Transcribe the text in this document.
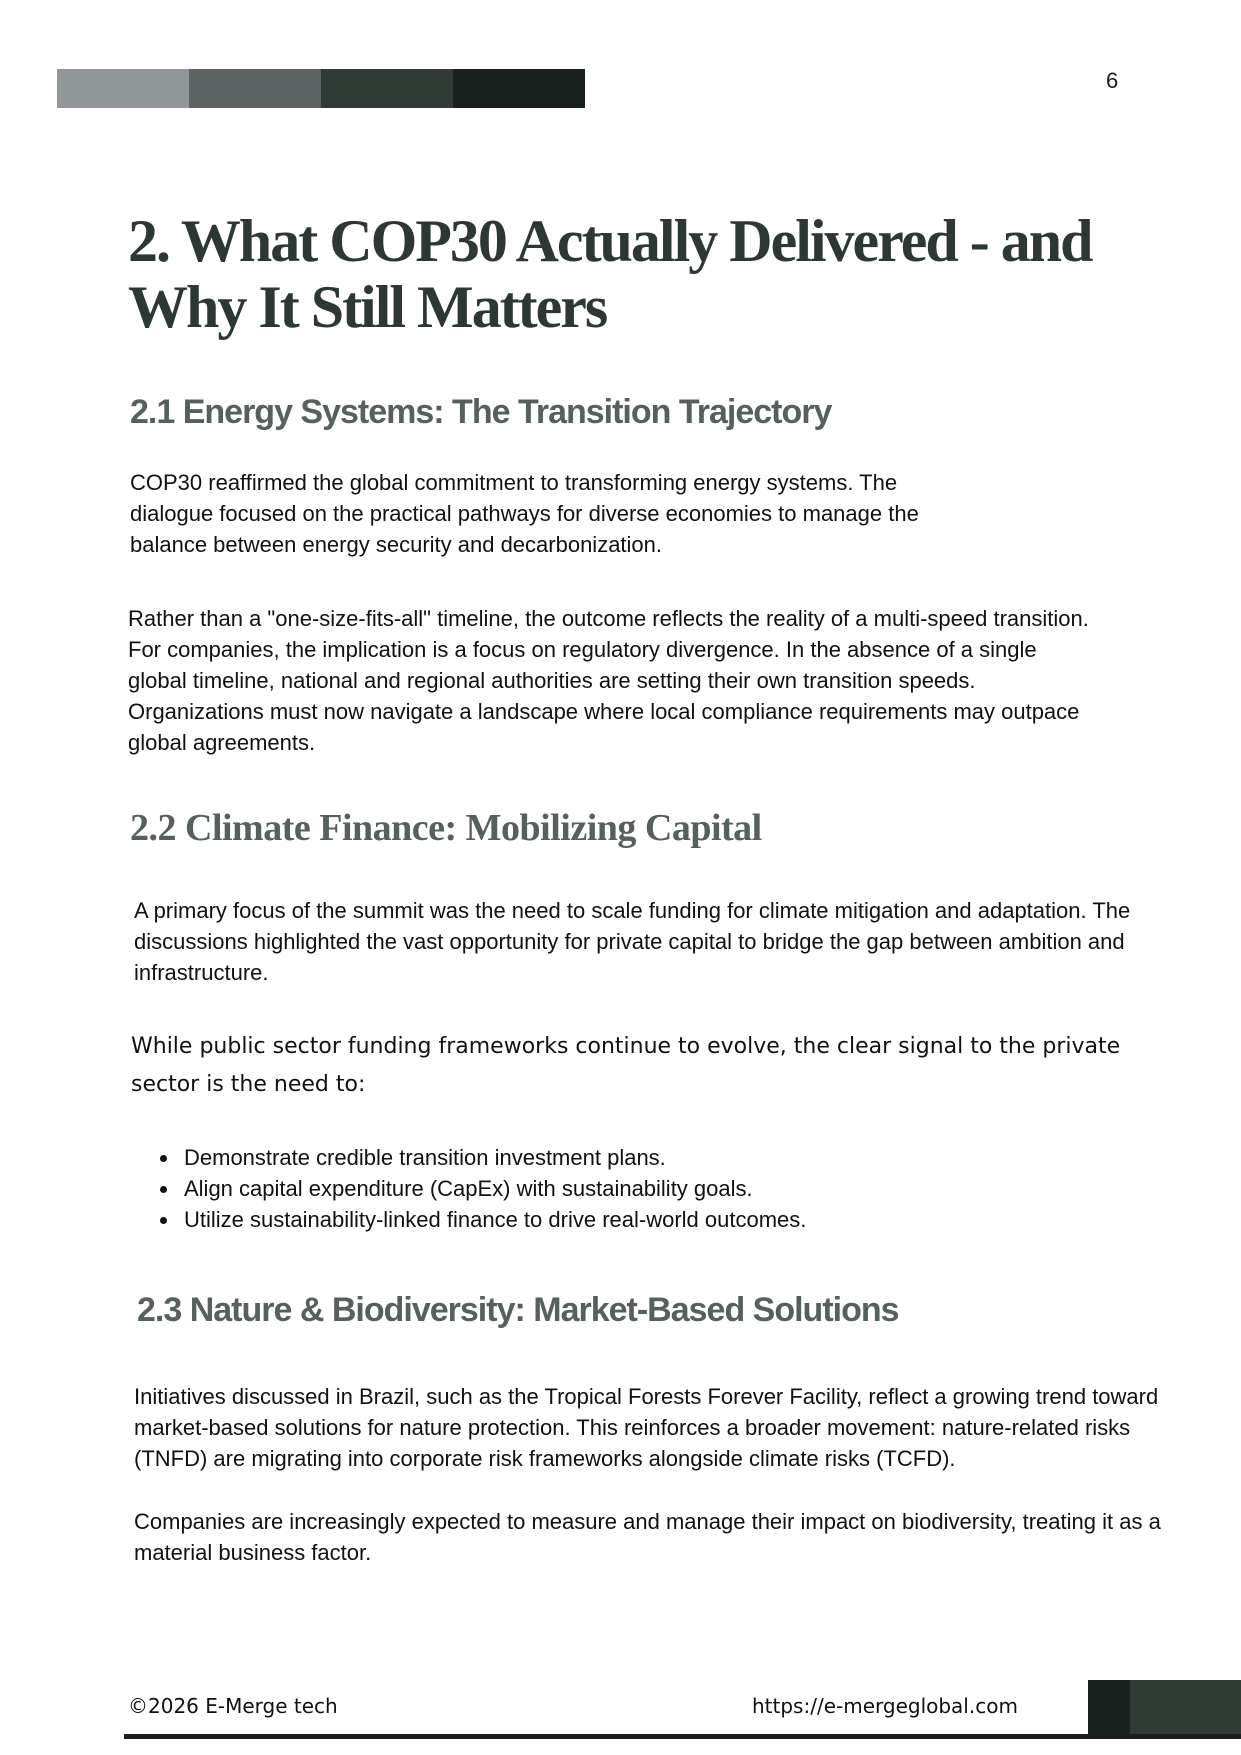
6
2. What COP30 Actually Delivered - and Why It Still Matters
2.1 Energy Systems: The Transition Trajectory

COP30 reaffirmed the global commitment to transforming energy systems. The dialogue focused on the practical pathways for diverse economies to manage the balance between energy security and decarbonization.

Rather than a "one-size-fits-all" timeline, the outcome reflects the reality of a multi-speed transition. For companies, the implication is a focus on regulatory divergence. In the absence of a single global timeline, national and regional authorities are setting their own transition speeds. Organizations must now navigate a landscape where local compliance requirements may outpace global agreements.

2.2 Climate Finance: Mobilizing Capital

A primary focus of the summit was the need to scale funding for climate mitigation and adaptation. The discussions highlighted the vast opportunity for private capital to bridge the gap between ambition and infrastructure.

While public sector funding frameworks continue to evolve, the clear signal to the private sector is the need to:

• Demonstrate credible transition investment plans.
• Align capital expenditure (CapEx) with sustainability goals.
• Utilize sustainability-linked finance to drive real-world outcomes.
2.3 Nature & Biodiversity: Market-Based Solutions

Initiatives discussed in Brazil, such as the Tropical Forests Forever Facility, reflect a growing trend toward market-based solutions for nature protection. This reinforces a broader movement: nature-related risks (TNFD) are migrating into corporate risk frameworks alongside climate risks (TCFD).

Companies are increasingly expected to measure and manage their impact on biodiversity, treating it as a material business factor.

©2026 E-Merge tech	https://e-mergeglobal.com
